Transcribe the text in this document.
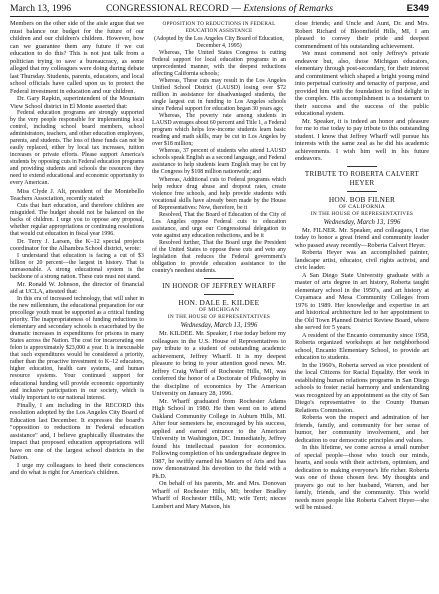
March 13, 1996	CONGRESSIONAL RECORD — Extensions of Remarks	E349

Members on the other side of the aisle argue that we must balance our budget for the future of our children and our children's children. However, how can we guarantee them any future if we cut education to do this? This is not just talk from a politician trying to save a bureaucracy, as some alleged that my colleagues were doing during debate last Thursday. Students, parents, educators, and local school officials have called upon us to protect the Federal investment in education and our children.

Dr. Gary Rapkin, superintendent of the Mountain View School district in El Monte asserted that:

Federal education programs are strongly supported by the very people responsible for implementing local control, including school board members, school administrators, teachers, and other education employees, parents, and students. The loss of these funds can not be easily replaced, either by local tax increases, tuition increases or private efforts. Please support America's students by opposing cuts in Federal education programs and providing students and schools the resources they need to extend educational and economic opportunity to every American.

Miss Clyde J. Alt, president of the Montebello Teachers Association, recently stated:

Cuts that hurt education, and therefore children are misguided. The budget should not be balanced on the backs of children. I urge you to oppose any proposal, whether regular appropriations or continuing resolutions that would cut education in fiscal year 1996.

Dr. Terry J. Larsen, the K–12 special projects coordinator for the Alhambra School district, wrote:

I understand that education is facing a cut of $3 billion or 20 percent—the largest in history. That is unreasonable. A strong educational system is the backbone of a strong nation. These cuts must not stand.

Mr. Ronald W. Johnson, the director of financial aid at UCLA, attested that:

In this era of increased technology, that will usher in the new millennium, the educational preparation for our precollege youth must be supported as a critical funding priority. The inappropriateness of funding reductions to elementary and secondary schools is exacerbated by the dramatic increases in expenditures for prisons in many States across the Nation. The cost for incarcerating one felon is approximately $23,000 a year. It is inexcusable that such expenditures would be considered a priority, rather than the proactive investment to K–12 educators, higher education, health care systems, and human resource systems. Your continued support for educational funding will provide economic opportunity and inclusive participation in our society, which is vitally important to our national interest.

Finally, I am including in the RECORD this resolution adopted by the Los Angeles City Board of Education last December. It expresses the board's "opposition to reductions in Federal education assistance" and, I believe graphically illustrates the impact that proposed education appropriations will have on one of the largest school districts in the Nation.

I urge my colleagues to heed their consciences and do what is right for America's children.

OPPOSITION TO REDUCTIONS IN FEDERAL EDUCATION ASSISTANCE

(Adopted by the Los Angeles City Board of Education, December 4, 1995)

Whereas, The United States Congress is cutting Federal support for local education programs in an unprecedented manner, with the deepest reductions affecting California schools;

Whereas, These cuts may result in the Los Angeles Unified School District (LAUSD) losing over $72 million in assistance for disadvantaged students, the single largest cut in funding to Los Angeles schools since Federal support for education began 30 years ago;

Whereas, The poverty rate among students in LAUSD averages about 60 percent and Title 1, a Federal program which helps low-income students learn basic reading and math skills, may be cut in Los Angeles by over $18 million;

Whereas, 37 percent of students who attend LAUSD schools speak English as a second language, and Federal assistance to help students learn English may be cut by the Congress by $108 million nationwide; and

Whereas, Additional cuts to Federal programs which help reduce drug abuse and dropout rates, create violence free schools, and help provide students with vocational skills have already been made by the House of Representatives: Now, therefore, be it

Resolved, That the Board of Education of the City of Los Angeles oppose Federal cuts to education assistance, and urge our Congressional delegation to vote against any education reductions, and be it

Resolved further, That the Board urge the President of the United States to oppose these cuts and veto any legislation that reduces the Federal government's obligation to provide education assistance to the country's neediest students.

IN HONOR OF JEFFREY WHARFF
HON. DALE E. KILDEE
OF MICHIGAN
IN THE HOUSE OF REPRESENTATIVES
Wednesday, March 13, 1996

Mr. KILDEE. Mr. Speaker, I rise today before my colleagues in the U.S. House of Representatives to pay tribute to a student of outstanding academic achievement, Jeffrey Wharff. It is my deepest pleasure to bring to your attention good news. Mr. Jeffrey Craig Wharff of Rochester Hills, MI, was conferred the honor of a Doctorate of Philosophy in the discipline of economics by The American University on January 28, 1996.

Mr. Wharff graduated from Rochester Adams High School in 1980. He then went on to attend Oakland Community College in Auburn Hills, MI. After four semesters he, encouraged by his success, applied and earned entrance to the American University in Washington, DC. Immediately, Jeffrey found his intellectual passion for economics. Following completion of his undergraduate degree in 1987, he swiftly earned his Masters of Arts and has now demonstrated his devotion to the field with a Ph.D.

On behalf of his parents, Mr. and Mrs. Donovan Wharff of Rochester Hills, MI; brother Bradley Wharff of Rochester Hills, MI; wife Terri; nieces Lambert and Mary Matson, his

close friends; and Uncle and Aunt, Dr. and Mrs. Robert Richard of Bloomfield Hills, MI, I am pleased to convey their pride and deepest commendment of his outstanding achievement.

We must commend not only Jeffrey's private endeavor but, also, those Michigan educators, elementary through post-secondary, for their interest and commitment which shaped a bright young mind into perpetual curiosity and tenacity of purpose, and provided him with the foundation to find delight in the complex. His accomplishment is a testament to their success and the success of the public educational system.

Mr. Speaker, it is indeed an honor and pleasure for me to rise today to pay tribute to this outstanding student. I know that Jeffrey Wharff will pursue his interests with the same zeal as he did his academic achievements. I wish him well in his future endeavors.

TRIBUTE TO ROBERTA CALVERT
HEYER
HON. BOB FILNER
OF CALIFORNIA
IN THE HOUSE OF REPRESENTATIVES
Wednesday, March 13, 1996

Mr. FILNER. Mr. Speaker, and colleagues, I rise today to honor a great friend and community leader who passed away recently—Roberta Calvert Heyer.

Roberta Heyer was an accomplished painter, landscape artist, educator, civil rights activist, and civic leader.

A San Diego State University graduate with a master of arts degree in art history, Roberta taught elementary school in the 1950's, and art history at Cuyamaca and Mesa Community Colleges from 1976 to 1989. Her knowledge and expertise in art and historical architecture led to her appointment to the Old Town Planned District Review Board, where she served for 5 years.

A resident of the Encanto community since 1958, Roberta organized workshops at her neighborhood school, Encanto Elementary School, to provide art education to students.

In the 1960's, Roberta served as vice president of the local Citizens for Racial Equality. Her work in establishing human relations programs in San Diego schools to foster racial harmony and understanding was recognized by an appointment as the city of San Diego's representative to the County Human Relations Commission.

Roberta won the respect and admiration of her friends, family, and community for her sense of humor, her community involvement, and her dedication to our democratic principles and values.

In this lifetime, we come across a small number of special people—those who touch our minds, hearts, and souls with their activism, optimism, and dedication to making everyone's life richer. Roberta was one of those chosen few. My thoughts and prayers go out to her husband, Warren, and her family, friends, and the community. This world needs more people like Roberta Calvert Heyer—she will be missed.
